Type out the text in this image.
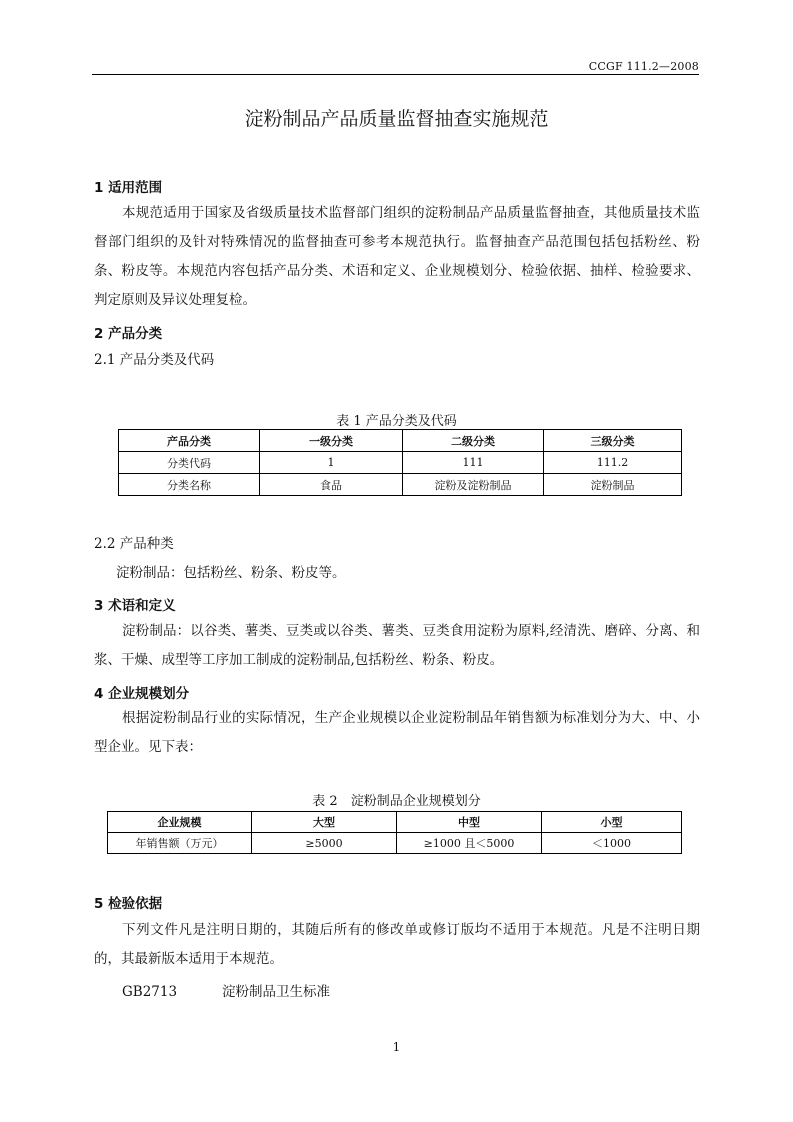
CCGF 111.2—2008
淀粉制品产品质量监督抽查实施规范
1 适用范围
本规范适用于国家及省级质量技术监督部门组织的淀粉制品产品质量监督抽查，其他质量技术监督部门组织的及针对特殊情况的监督抽查可参考本规范执行。监督抽查产品范围包括包括粉丝、粉条、粉皮等。本规范内容包括产品分类、术语和定义、企业规模划分、检验依据、抽样、检验要求、判定原则及异议处理复检。
2 产品分类
2.1 产品分类及代码
表 1 产品分类及代码
产品分类	一级分类	二级分类	三级分类
分类代码	1	111	111.2
分类名称	食品	淀粉及淀粉制品	淀粉制品
2.2 产品种类
淀粉制品：包括粉丝、粉条、粉皮等。
3 术语和定义
淀粉制品：以谷类、薯类、豆类或以谷类、薯类、豆类食用淀粉为原料,经清洗、磨碎、分离、和浆、干燥、成型等工序加工制成的淀粉制品,包括粉丝、粉条、粉皮。
4 企业规模划分
根据淀粉制品行业的实际情况，生产企业规模以企业淀粉制品年销售额为标准划分为大、中、小型企业。见下表：
表 2　淀粉制品企业规模划分
企业规模	大型	中型	小型
年销售额（万元）	≥5000	≥1000 且＜5000	＜1000
5 检验依据
下列文件凡是注明日期的，其随后所有的修改单或修订版均不适用于本规范。凡是不注明日期的，其最新版本适用于本规范。
GB2713	淀粉制品卫生标准
1
